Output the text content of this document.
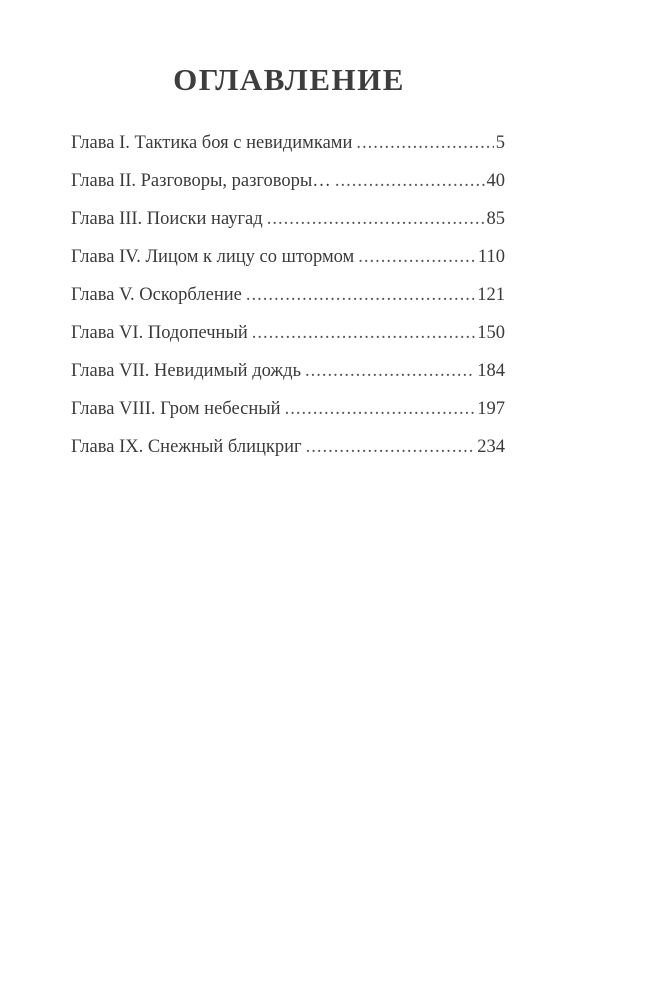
ОГЛАВЛЕНИЕ
Глава I. Тактика боя с невидимками .....	5
Глава II. Разговоры, разговоры… .....	40
Глава III. Поиски наугад .....	85
Глава IV. Лицом к лицу со штормом .....	110
Глава V. Оскорбление .....	121
Глава VI. Подопечный .....	150
Глава VII. Невидимый дождь .....	184
Глава VIII. Гром небесный .....	197
Глава IX. Снежный блицкриг .....	234
